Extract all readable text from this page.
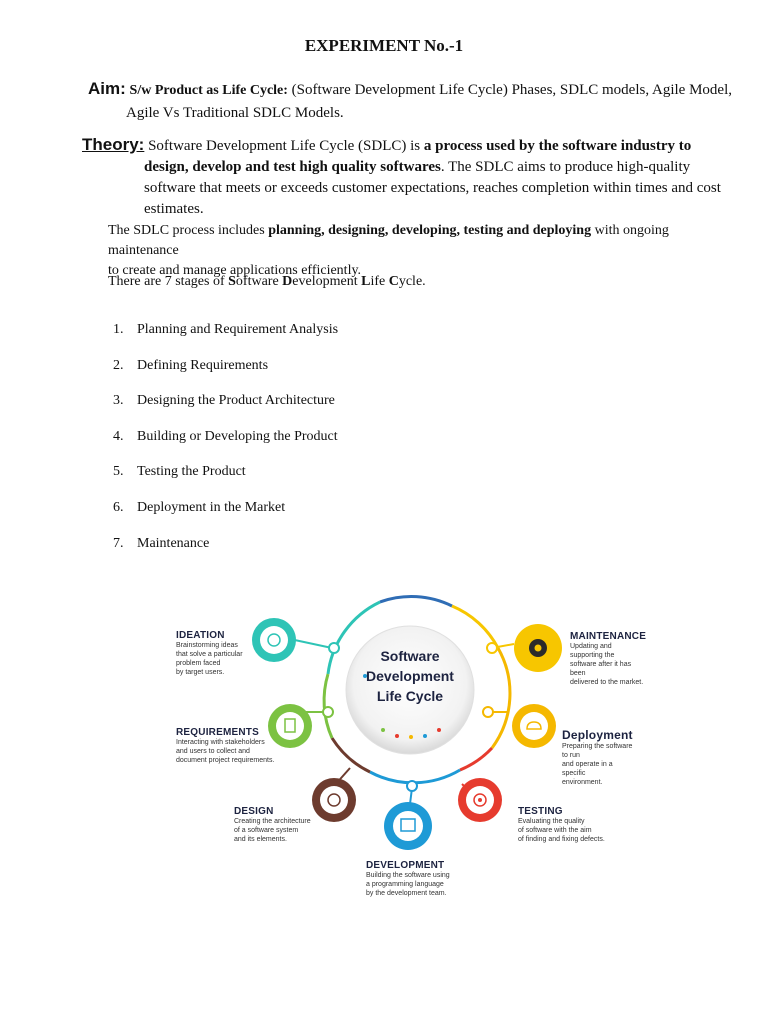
EXPERIMENT No.-1
Aim: S/w Product as Life Cycle: (Software Development Life Cycle) Phases, SDLC models, Agile Model,
Agile Vs Traditional SDLC Models.
Theory: Software Development Life Cycle (SDLC) is a process used by the software industry to
design, develop and test high quality softwares. The SDLC aims to produce high-quality
software that meets or exceeds customer expectations, reaches completion within times and cost
estimates.
The SDLC process includes planning, designing, developing, testing and deploying with ongoing maintenance
to create and manage applications efficiently.
There are 7 stages of Software Development Life Cycle.
1. Planning and Requirement Analysis
2. Defining Requirements
3. Designing the Product Architecture
4. Building or Developing the Product
5. Testing the Product
6. Deployment in the Market
7. Maintenance
Software
Development
Life Cycle
IDEATION
Brainstorming ideas
that solve a particular
problem faced
by target users.
REQUIREMENTS
Interacting with stakeholders
and users to collect and
document project requirements.
DESIGN
Creating the architecture
of a software system
and its elements.
DEVELOPMENT
Building the software using
a programming language
by the development team.
TESTING
Evaluating the quality
of software with the aim
of finding and fixing defects.
Deployment
Preparing the software to run
and operate in a specific
environment.
MAINTENANCE
Updating and supporting the
software after it has been
delivered to the market.
